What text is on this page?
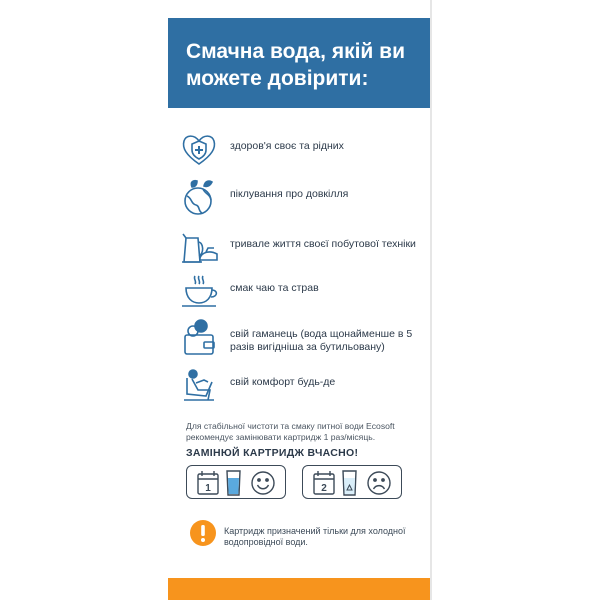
Смачна вода, якій ви можете довірити:
здоров'я своє та рідних
піклування про довкілля
тривале життя своєї побутової техніки
смак чаю та страв
свій гаманець (вода щонайменше в 5 разів вигідніша за бутильовану)
свій комфорт будь-де
Для стабільної чистоти та смаку питної води Ecosoft рекомендує замінювати картридж 1 раз/місяць.
ЗАМІНЮЙ КАРТРИДЖ ВЧАСНО!
1	2
Картридж призначений тільки для холодної водопровідної води.
